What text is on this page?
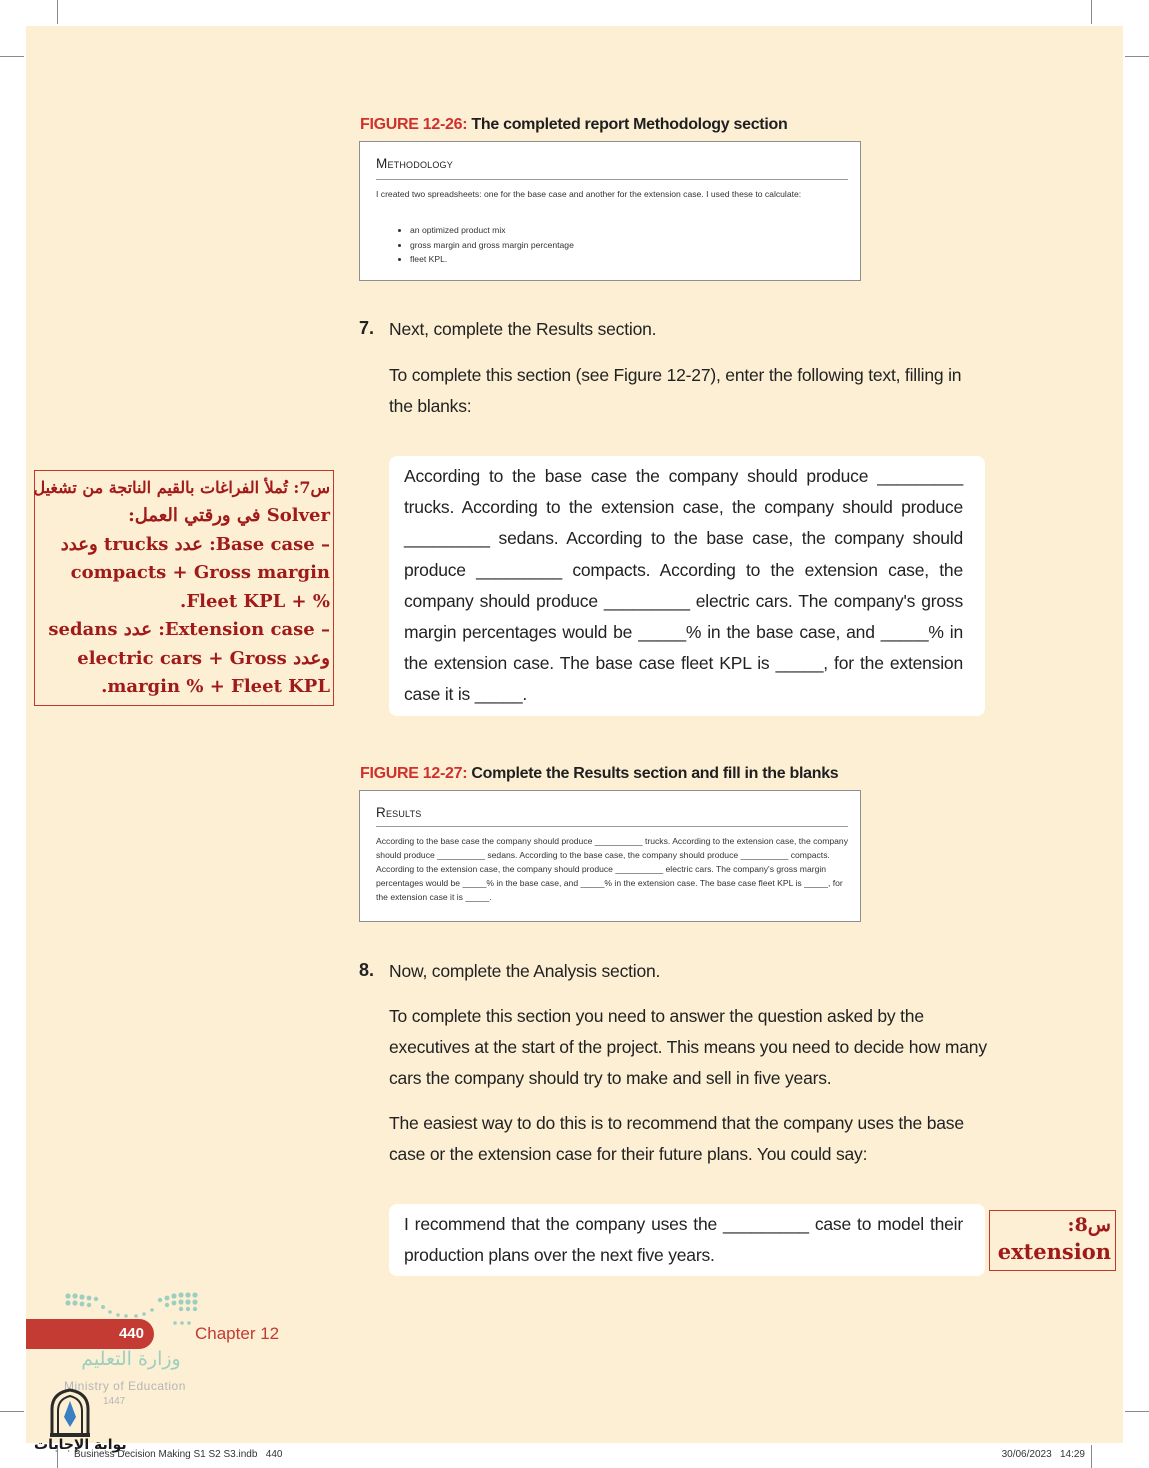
FIGURE 12-26: The completed report Methodology section
Methodology
I created two spreadsheets: one for the base case and another for the extension case. I used these to calculate:
• an optimized product mix
• gross margin and gross margin percentage
• fleet KPL.
7. Next, complete the Results section.
To complete this section (see Figure 12-27), enter the following text, filling in the blanks:
According to the base case the company should produce _________ trucks. According to the extension case, the company should produce _________ sedans. According to the base case, the company should produce _________ compacts. According to the extension case, the company should produce _________ electric cars. The company's gross margin percentages would be _____% in the base case, and _____% in the extension case. The base case fleet KPL is _____, for the extension case it is _____.
س7: تُملأ الفراغات بالقيم الناتجة من تشغيل
Solver في ورقتي العمل:
– Base case: عدد trucks وعدد
compacts + Gross margin
% + Fleet KPL.
– Extension case: عدد sedans
وعدد electric cars + Gross
margin % + Fleet KPL.
FIGURE 12-27: Complete the Results section and fill in the blanks
Results
According to the base case the company should produce __________ trucks. According to the extension case, the company should produce __________ sedans. According to the base case, the company should produce __________ compacts. According to the extension case, the company should produce __________ electric cars. The company's gross margin percentages would be _____% in the base case, and _____% in the extension case. The base case fleet KPL is _____, for the extension case it is _____.
8. Now, complete the Analysis section.
To complete this section you need to answer the question asked by the executives at the start of the project. This means you need to decide how many cars the company should try to make and sell in five years.
The easiest way to do this is to recommend that the company uses the base case or the extension case for their future plans. You could say:
I recommend that the company uses the _________ case to model their production plans over the next five years.
س8:
extension
440	Chapter 12
وزارة التعليم
Ministry of Education
1447
بوابة الإجابات
Business Decision Making S1 S2 S3.indb   440	30/06/2023   14:29
